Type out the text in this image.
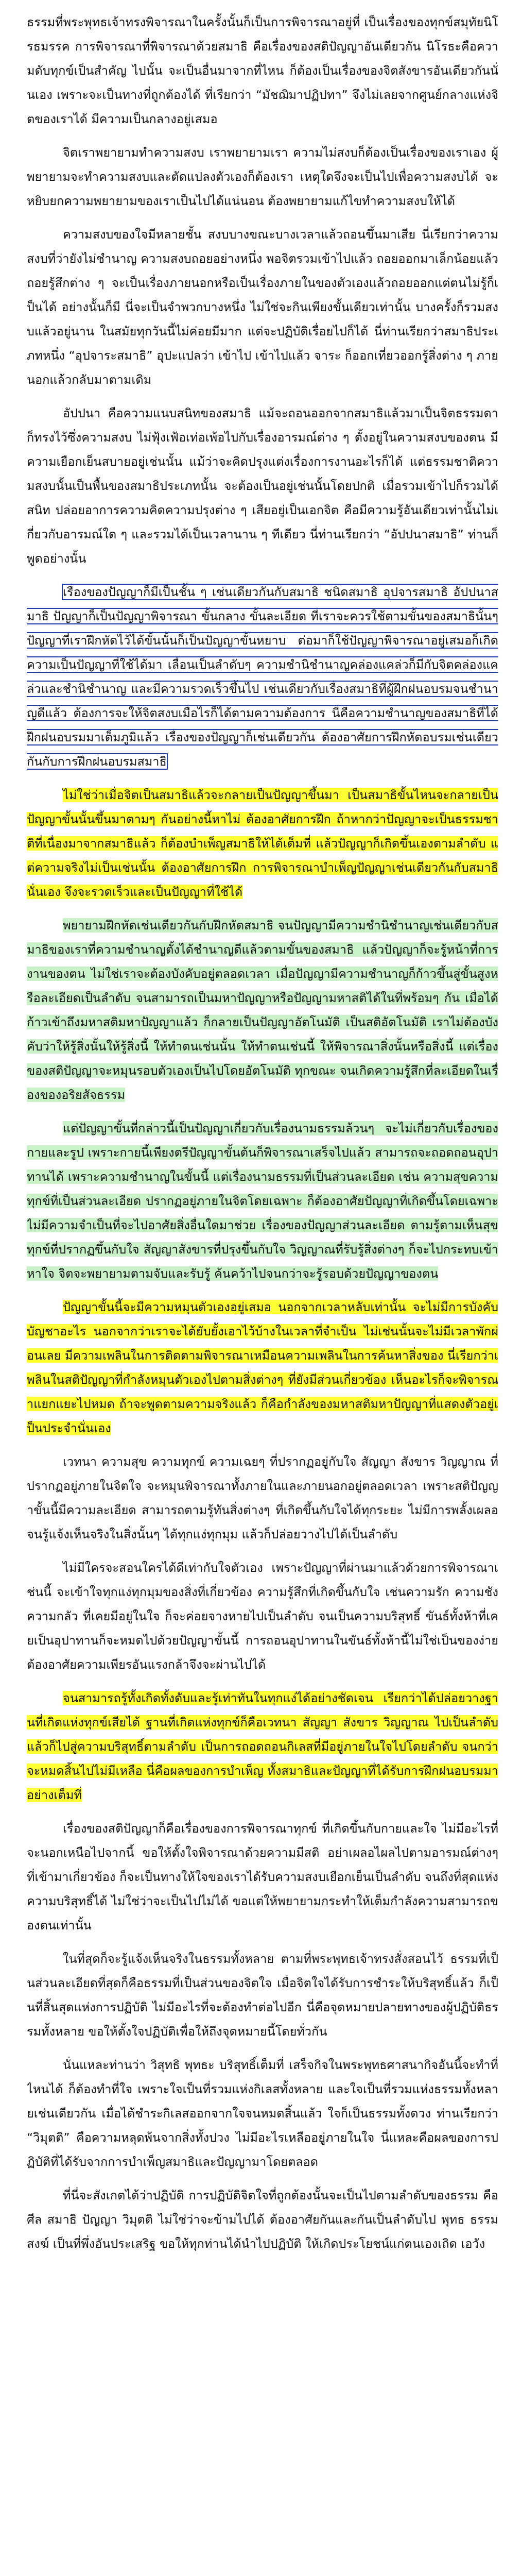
ธรรมที่พระพุทธเจ้าทรงพิจารณาในครั้งนั้นก็เป็นการพิจารณาอยู่ที่ เป็นเรื่องของทุกข์สมุทัยนิโรธมรรค การพิจารณาที่พิจารณาด้วยสมาธิ คือเรื่องของสติปัญญาอันเดียวกัน นิโรธะคือความดับทุกข์เป็นสำคัญ ไปนั้น จะเป็นอื่นมาจากที่ไหน ก็ต้องเป็นเรื่องของจิตสังขารอันเดียวกันนั่นเอง เพราะจะเป็นทางที่ถูกต้องได้ ที่เรียกว่า “มัชฌิมาปฏิปทา” จึงไม่เลยจากศูนย์กลางแห่งจิตของเราได้ มีความเป็นกลางอยู่เสมอ

จิตเราพยายามทำความสงบ เราพยายามเรา ความไม่สงบก็ต้องเป็นเรื่องของเราเอง ผู้พยายามจะทำความสงบและตัดแปลงตัวเองก็ต้องเรา เหตุใดจึงจะเป็นไปเพื่อความสงบได้ จะหยิบยกความพยายามของเราเป็นไปได้แน่นอน ต้องพยายามแก้ไขทำความสงบให้ได้

ความสงบของใจมีหลายชั้น สงบบางขณะบางเวลาแล้วถอนขึ้นมาเสีย นี่เรียกว่าความสงบที่ว่ายังไม่ชำนาญ ความสงบถอยอย่างหนึ่ง พอจิตรวมเข้าไปแล้ว ถอยออกมาเล็กน้อยแล้วถอยรู้สึกต่าง ๆ จะเป็นเรื่องภายนอกหรือเป็นเรื่องภายในของตัวเองแล้วถอยออกแต่ตนไม่รู้ก็เป็นได้ อย่างนั้นก็มี นี่จะเป็นจำพวกบางหนึ่ง ไม่ใช่จะกินเพียงขั้นเดียวเท่านั้น บางครั้งก็รวมสงบแล้วอยู่นาน ในสมัยทุกวันนี้ไม่ค่อยมีมาก แต่จะปฏิบัติเรื่อยไปก็ได้ นี่ท่านเรียกว่าสมาธิประเภทหนึ่ง “อุปจาระสมาธิ” อุปะแปลว่า เข้าไป เข้าไปแล้ว จาระ ก็ออกเที่ยวออกรู้สิ่งต่าง ๆ ภายนอกแล้วกลับมาตามเดิม

อัปปนา คือความแนบสนิทของสมาธิ แม้จะถอนออกจากสมาธิแล้วมาเป็นจิตธรรมดา ก็ทรงไว้ซึ่งความสงบ ไม่ฟุ้งเฟ้อเท่อเพ้อไปกับเรื่องอารมณ์ต่าง ๆ ตั้งอยู่ในความสงบของตน มีความเยือกเย็นสบายอยู่เช่นนั้น แม้ว่าจะคิดปรุงแต่งเรื่องการงานอะไรก็ได้ แต่ธรรมชาติความสงบนั้นเป็นพื้นของสมาธิประเภทนั้น จะต้องเป็นอยู่เช่นนั้นโดยปกติ เมื่อรวมเข้าไปก็รวมได้สนิท ปล่อยอาการความคิดความปรุงต่าง ๆ เสียอยู่เป็นเอกจิต คือมีความรู้อันเดียวเท่านั้นไม่เกี่ยวกับอารมณ์ใด ๆ และรวมได้เป็นเวลานาน ๆ ทีเดียว นี่ท่านเรียกว่า “อัปปนาสมาธิ” ท่านก็พูดอย่างนั้น

เรื่องของปัญญาก็มีเป็นชั้น ๆ เช่นเดียวกันกับสมาธิ ชนิดสมาธิ อุปจารสมาธิ อัปปนาสมาธิ ปัญญาก็เป็นปัญญาพิจารณา ขั้นกลาง ขั้นละเอียด ที่เราจะควรใช้ตามขั้นของสมาธินั้นๆ ปัญญาที่เราฝึกหัดไว้ได้ขั้นนั้นก็เป็นปัญญาขั้นหยาบ ต่อมาก็ใช้ปัญญาพิจารณาอยู่เสมอก็เกิดความเป็นปัญญาที่ใช้ได้มา เลื่อนเป็นลำดับๆ ความชำนิชำนาญคล่องแคล่วก็มีกับจิตคล่องแคล่วและชำนิชำนาญ และมีความรวดเร็วขึ้นไป เช่นเดียวกับเรื่องสมาธิที่ผู้ฝึกฝนอบรมจนชำนาญดีแล้ว ต้องการจะให้จิตสงบเมื่อไรก็ได้ตามความต้องการ นี่คือความชำนาญของสมาธิที่ได้ฝึกฝนอบรมมาเต็มภูมิแล้ว เรื่องของปัญญาก็เช่นเดียวกัน ต้องอาศัยการฝึกหัดอบรมเช่นเดียวกันกับการฝึกฝนอบรมสมาธิ

ไม่ใช่ว่าเมื่อจิตเป็นสมาธิแล้วจะกลายเป็นปัญญาขึ้นมา เป็นสมาธิขั้นไหนจะกลายเป็นปัญญาขั้นนั้นขึ้นมาตามๆ กันอย่างนี้หาไม่ ต้องอาศัยการฝึก ถ้าหากว่าปัญญาจะเป็นธรรมชาติที่เนื่องมาจากสมาธิแล้ว ก็ต้องบำเพ็ญสมาธิให้ได้เต็มที่ แล้วปัญญาก็เกิดขึ้นเองตามลำดับ แต่ความจริงไม่เป็นเช่นนั้น ต้องอาศัยการฝึก การพิจารณาบำเพ็ญปัญญาเช่นเดียวกันกับสมาธินั่นเอง จึงจะรวดเร็วและเป็นปัญญาที่ใช้ได้

พยายามฝึกหัดเช่นเดียวกันกับฝึกหัดสมาธิ จนปัญญามีความชำนิชำนาญเช่นเดียวกับสมาธิของเราที่ความชำนาญตั้งได้ชำนาญดีแล้วตามขั้นของสมาธิ แล้วปัญญาก็จะรู้หน้าที่การงานของตน ไม่ใช่เราจะต้องบังคับอยู่ตลอดเวลา เมื่อปัญญามีความชำนาญก็ก้าวขึ้นสู่ขั้นสูงหรือละเอียดเป็นลำดับ จนสามารถเป็นมหาปัญญาหรือปัญญามหาสติได้ในที่พร้อมๆ กัน เมื่อได้ก้าวเข้าถึงมหาสติมหาปัญญาแล้ว ก็กลายเป็นปัญญาอัตโนมัติ เป็นสติอัตโนมัติ เราไม่ต้องบังคับว่าให้รู้สิ่งนั้นให้รู้สิ่งนี้ ให้ทำตนเช่นนั้น ให้ทำตนเช่นนี้ ให้พิจารณาสิ่งนั้นหรือสิ่งนี้ แต่เรื่องของสติปัญญาจะหมุนรอบตัวเองเป็นไปโดยอัตโนมัติ ทุกขณะ จนเกิดความรู้สึกที่ละเอียดในเรื่องของอริยสัจธรรม

แต่ปัญญาขั้นที่กล่าวนี้เป็นปัญญาเกี่ยวกับเรื่องนามธรรมล้วนๆ จะไม่เกี่ยวกับเรื่องของกายและรูป เพราะกายนี้เพียงตรีปัญญาขั้นต้นก็พิจารณาเสร็จไปแล้ว สามารถจะถอดถอนอุปาทานได้ เพราะความชำนาญในขั้นนี้ แต่เรื่องนามธรรมที่เป็นส่วนละเอียด เช่น ความสุขความทุกข์ที่เป็นส่วนละเอียด ปรากฏอยู่ภายในจิตโดยเฉพาะ ก็ต้องอาศัยปัญญาที่เกิดขึ้นโดยเฉพาะ ไม่มีความจำเป็นที่จะไปอาศัยสิ่งอื่นใดมาช่วย เรื่องของปัญญาส่วนละเอียด ตามรู้ตามเห็นสุขทุกข์ที่ปรากฏขึ้นกับใจ สัญญาสังขารที่ปรุงขึ้นกับใจ วิญญาณที่รับรู้สิ่งต่างๆ ก็จะไปกระทบเข้าหาใจ จิตจะพยายามตามจับและรับรู้ ค้นคว้าไปจนกว่าจะรู้รอบด้วยปัญญาของตน

ปัญญาขั้นนี้จะมีความหมุนตัวเองอยู่เสมอ นอกจากเวลาหลับเท่านั้น จะไม่มีการบังคับบัญชาอะไร นอกจากว่าเราจะได้ยับยั้งเอาไว้บ้างในเวลาที่จำเป็น ไม่เช่นนั้นจะไม่มีเวลาพักผ่อนเลย มีความเพลินในการติดตามพิจารณาเหมือนความเพลินในการค้นหาสิ่งของ นี่เรียกว่าเพลินในสติปัญญาที่กำลังหมุนตัวเองไปตามสิ่งต่างๆ ที่ยังมีส่วนเกี่ยวข้อง เห็นอะไรก็จะพิจารณาแยกแยะไปหมด ถ้าจะพูดตามความจริงแล้ว ก็คือกำลังของมหาสติมหาปัญญาที่แสดงตัวอยู่เป็นประจำนั่นเอง

เวทนา ความสุข ความทุกข์ ความเฉยๆ ที่ปรากฏอยู่กับใจ สัญญา สังขาร วิญญาณ ที่ปรากฏอยู่ภายในจิตใจ จะหมุนพิจารณาทั้งภายในและภายนอกอยู่ตลอดเวลา เพราะสติปัญญาขั้นนี้มีความละเอียด สามารถตามรู้ทันสิ่งต่างๆ ที่เกิดขึ้นกับใจได้ทุกระยะ ไม่มีการพลั้งเผลอ จนรู้แจ้งเห็นจริงในสิ่งนั้นๆ ได้ทุกแง่ทุกมุม แล้วก็ปล่อยวางไปได้เป็นลำดับ

ไม่มีใครจะสอนใครได้ดีเท่ากับใจตัวเอง เพราะปัญญาที่ผ่านมาแล้วด้วยการพิจารณาเช่นนี้ จะเข้าใจทุกแง่ทุกมุมของสิ่งที่เกี่ยวข้อง ความรู้สึกที่เกิดขึ้นกับใจ เช่นความรัก ความชัง ความกลัว ที่เคยมีอยู่ในใจ ก็จะค่อยจางหายไปเป็นลำดับ จนเป็นความบริสุทธิ์ ขันธ์ทั้งห้าที่เคยเป็นอุปาทานก็จะหมดไปด้วยปัญญาขั้นนี้ การถอนอุปาทานในขันธ์ทั้งห้านี้ไม่ใช่เป็นของง่าย ต้องอาศัยความเพียรอันแรงกล้าจึงจะผ่านไปได้

จนสามารถรู้ทั้งเกิดทั้งดับและรู้เท่าทันในทุกแง่ได้อย่างชัดเจน เรียกว่าได้ปล่อยวางฐานที่เกิดแห่งทุกข์เสียได้ ฐานที่เกิดแห่งทุกข์ก็คือเวทนา สัญญา สังขาร วิญญาณ ไปเป็นลำดับ แล้วก็ไปสู่ความบริสุทธิ์ตามลำดับ เป็นการถอดถอนกิเลสที่มีอยู่ภายในใจไปโดยลำดับ จนกว่าจะหมดสิ้นไปไม่มีเหลือ นี่คือผลของการบำเพ็ญ ทั้งสมาธิและปัญญาที่ได้รับการฝึกฝนอบรมมาอย่างเต็มที่

เรื่องของสติปัญญาก็คือเรื่องของการพิจารณาทุกข์ ที่เกิดขึ้นกับกายและใจ ไม่มีอะไรที่จะนอกเหนือไปจากนี้ ขอให้ตั้งใจพิจารณาด้วยความมีสติ อย่าเผลอไผลไปตามอารมณ์ต่างๆ ที่เข้ามาเกี่ยวข้อง ก็จะเป็นทางให้ใจของเราได้รับความสงบเยือกเย็นเป็นลำดับ จนถึงที่สุดแห่งความบริสุทธิ์ได้ ไม่ใช่ว่าจะเป็นไปไม่ได้ ขอแต่ให้พยายามกระทำให้เต็มกำลังความสามารถของตนเท่านั้น

ในที่สุดก็จะรู้แจ้งเห็นจริงในธรรมทั้งหลาย ตามที่พระพุทธเจ้าทรงสั่งสอนไว้ ธรรมที่เป็นส่วนละเอียดที่สุดก็คือธรรมที่เป็นส่วนของจิตใจ เมื่อจิตใจได้รับการชำระให้บริสุทธิ์แล้ว ก็เป็นที่สิ้นสุดแห่งการปฏิบัติ ไม่มีอะไรที่จะต้องทำต่อไปอีก นี่คือจุดหมายปลายทางของผู้ปฏิบัติธรรมทั้งหลาย ขอให้ตั้งใจปฏิบัติเพื่อให้ถึงจุดหมายนี้โดยทั่วกัน

นั่นแหละท่านว่า วิสุทธิ พุทธะ บริสุทธิ์เต็มที่ เสร็จกิจในพระพุทธศาสนากิจอันนี้จะทำที่ไหนได้ ก็ต้องทำที่ใจ เพราะใจเป็นที่รวมแห่งกิเลสทั้งหลาย และใจเป็นที่รวมแห่งธรรมทั้งหลายเช่นเดียวกัน เมื่อได้ชำระกิเลสออกจากใจจนหมดสิ้นแล้ว ใจก็เป็นธรรมทั้งดวง ท่านเรียกว่า “วิมุตติ” คือความหลุดพ้นจากสิ่งทั้งปวง ไม่มีอะไรเหลืออยู่ภายในใจ นี่แหละคือผลของการปฏิบัติที่ได้รับจากการบำเพ็ญสมาธิและปัญญามาโดยตลอด

ที่นี่จะสังเกตได้ว่าปฏิบัติ การปฏิบัติจิตใจที่ถูกต้องนั้นจะเป็นไปตามลำดับของธรรม คือ ศีล สมาธิ ปัญญา วิมุตติ ไม่ใช่ว่าจะข้ามไปได้ ต้องอาศัยกันและกันเป็นลำดับไป พุทธ ธรรม สงฆ์ เป็นที่พึ่งอันประเสริฐ ขอให้ทุกท่านได้นำไปปฏิบัติ ให้เกิดประโยชน์แก่ตนเองเถิด เอวัง
